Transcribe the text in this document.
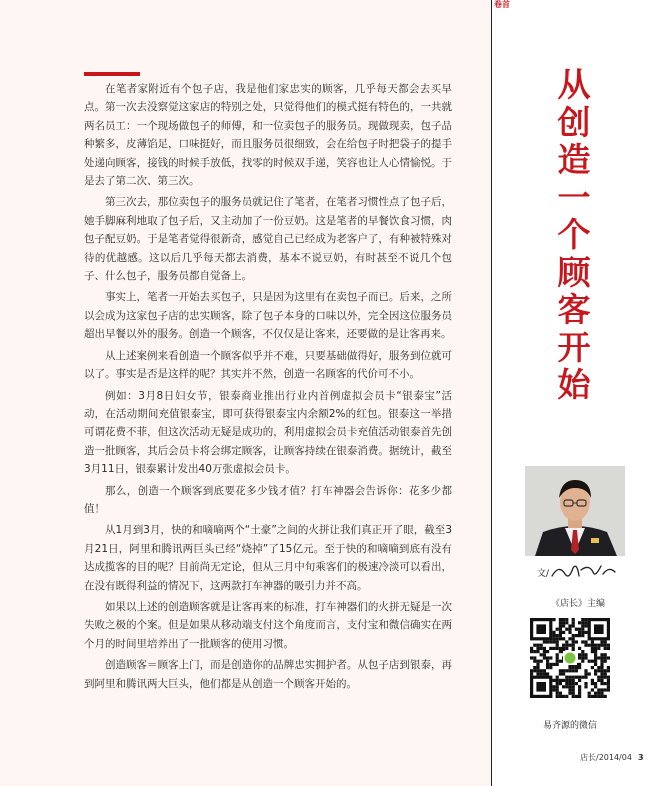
在笔者家附近有个包子店，我是他们家忠实的顾客，几乎每天都会去买早点。第一次去没察觉这家店的特别之处，只觉得他们的模式挺有特色的，一共就两名员工：一个现场做包子的师傅，和一位卖包子的服务员。现做现卖，包子品种繁多，皮薄馅足，口味挺好，而且服务员很细致，会在给包子时把袋子的提手处递向顾客，接钱的时候手放低，找零的时候双手递，笑容也让人心情愉悦。于是去了第二次、第三次。

第三次去，那位卖包子的服务员就记住了笔者，在笔者习惯性点了包子后，她手脚麻利地取了包子后，又主动加了一份豆奶。这是笔者的早餐饮食习惯，肉包子配豆奶。于是笔者觉得很新奇，感觉自己已经成为老客户了，有种被特殊对待的优越感。这以后几乎每天都去消费，基本不说豆奶，有时甚至不说几个包子、什么包子，服务员都自觉备上。

事实上，笔者一开始去买包子，只是因为这里有在卖包子而已。后来，之所以会成为这家包子店的忠实顾客，除了包子本身的口味以外，完全因这位服务员超出早餐以外的服务。创造一个顾客，不仅仅是让客来，还要做的是让客再来。

从上述案例来看创造一个顾客似乎并不难，只要基础做得好，服务到位就可以了。事实是否是这样的呢？其实并不然，创造一名顾客的代价可不小。

例如：3月8日妇女节，银泰商业推出行业内首例虚拟会员卡“银泰宝”活动，在活动期间充值银泰宝，即可获得银泰宝内余额2%的红包。银泰这一举措可谓花费不菲，但这次活动无疑是成功的，利用虚拟会员卡充值活动银泰首先创造一批顾客，其后会员卡将会绑定顾客，让顾客持续在银泰消费。据统计，截至3月11日，银泰累计发出40万张虚拟会员卡。

那么，创造一个顾客到底要花多少钱才值？打车神器会告诉你：花多少都值！

从1月到3月，快的和嘀嘀两个“土豪”之间的火拼让我们真正开了眼，截至3月21日，阿里和腾讯两巨头已经“烧掉”了15亿元。至于快的和嘀嘀到底有没有达成揽客的目的呢？目前尚无定论，但从三月中旬乘客们的极速冷淡可以看出，在没有既得利益的情况下，这两款打车神器的吸引力并不高。

如果以上述的创造顾客就是让客再来的标准，打车神器们的火拼无疑是一次失败之极的个案。但是如果从移动端支付这个角度而言，支付宝和微信确实在两个月的时间里培养出了一批顾客的使用习惯。

创造顾客＝顾客上门，而是创造你的品牌忠实拥护者。从包子店到银泰，再到阿里和腾讯两大巨头，他们都是从创造一个顾客开始的。

卷首
从创造一个顾客开始
文/
《店长》主编
易齐源的微信
店长/2014/04 3
